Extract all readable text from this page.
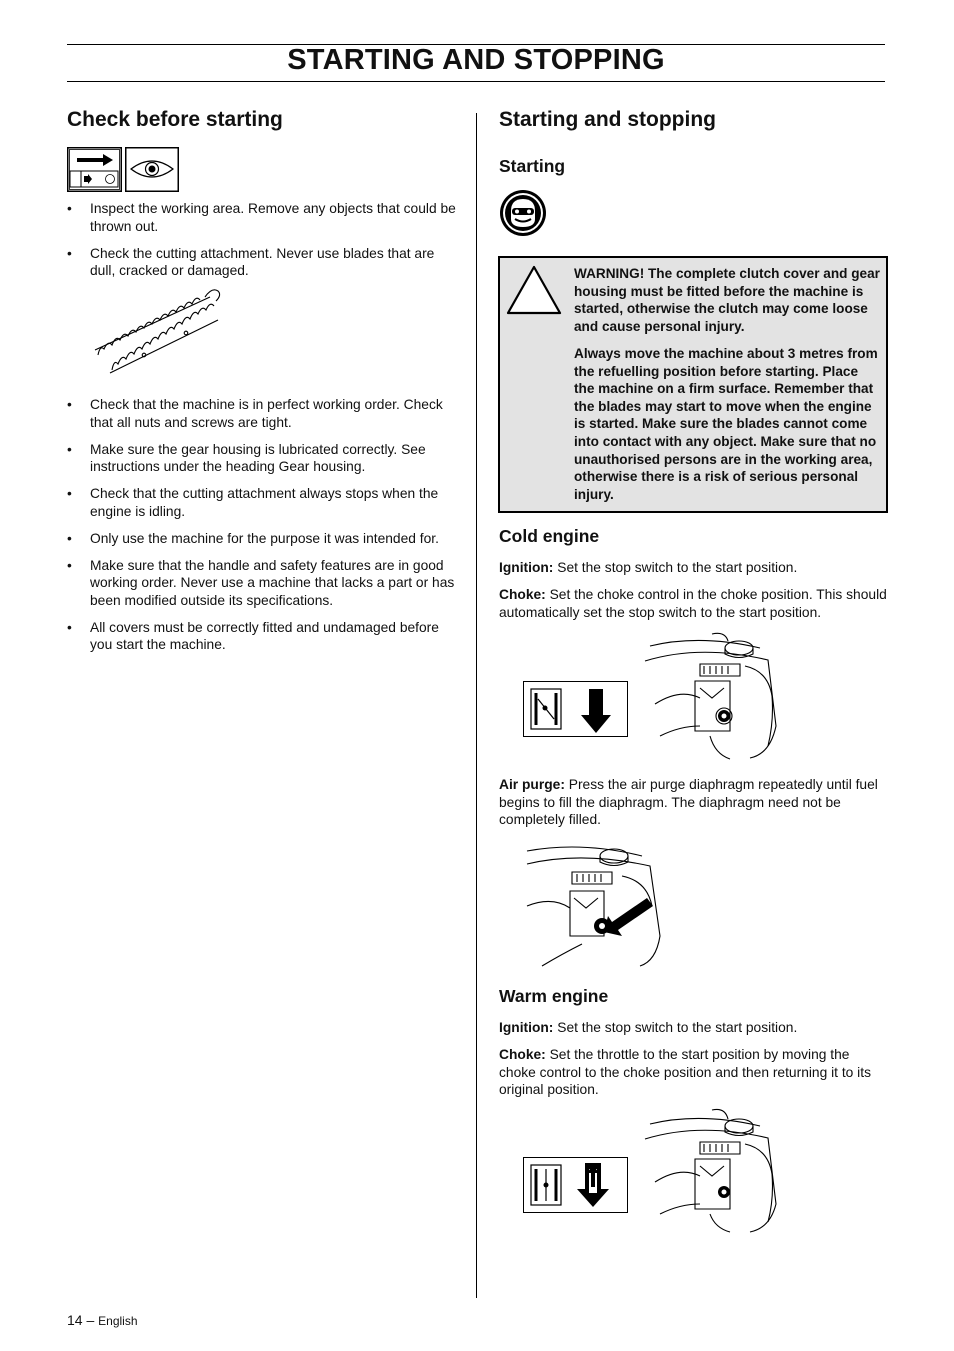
STARTING AND STOPPING
Check before starting
• Inspect the working area. Remove any objects that could be thrown out.
• Check the cutting attachment. Never use blades that are dull, cracked or damaged.
• Check that the machine is in perfect working order. Check that all nuts and screws are tight.
• Make sure the gear housing is lubricated correctly. See instructions under the heading Gear housing.
• Check that the cutting attachment always stops when the engine is idling.
• Only use the machine for the purpose it was intended for.
• Make sure that the handle and safety features are in good working order. Never use a machine that lacks a part or has been modified outside its specifications.
• All covers must be correctly fitted and undamaged before you start the machine.
Starting and stopping
Starting

WARNING! The complete clutch cover and gear housing must be fitted before the machine is started, otherwise the clutch may come loose and cause personal injury.

Always move the machine about 3 metres from the refuelling position before starting. Place the machine on a firm surface. Remember that the blades may start to move when the engine is started. Make sure the blades cannot come into contact with any object. Make sure that no unauthorised persons are in the working area, otherwise there is a risk of serious personal injury.

Cold engine

Ignition: Set the stop switch to the start position.

Choke: Set the choke control in the choke position. This should automatically set the stop switch to the start position.

Air purge: Press the air purge diaphragm repeatedly until fuel begins to fill the diaphragm. The diaphragm need not be completely filled.

Warm engine

Ignition: Set the stop switch to the start position.

Choke: Set the throttle to the start position by moving the choke control to the choke position and then returning it to its original position.

14 – English
